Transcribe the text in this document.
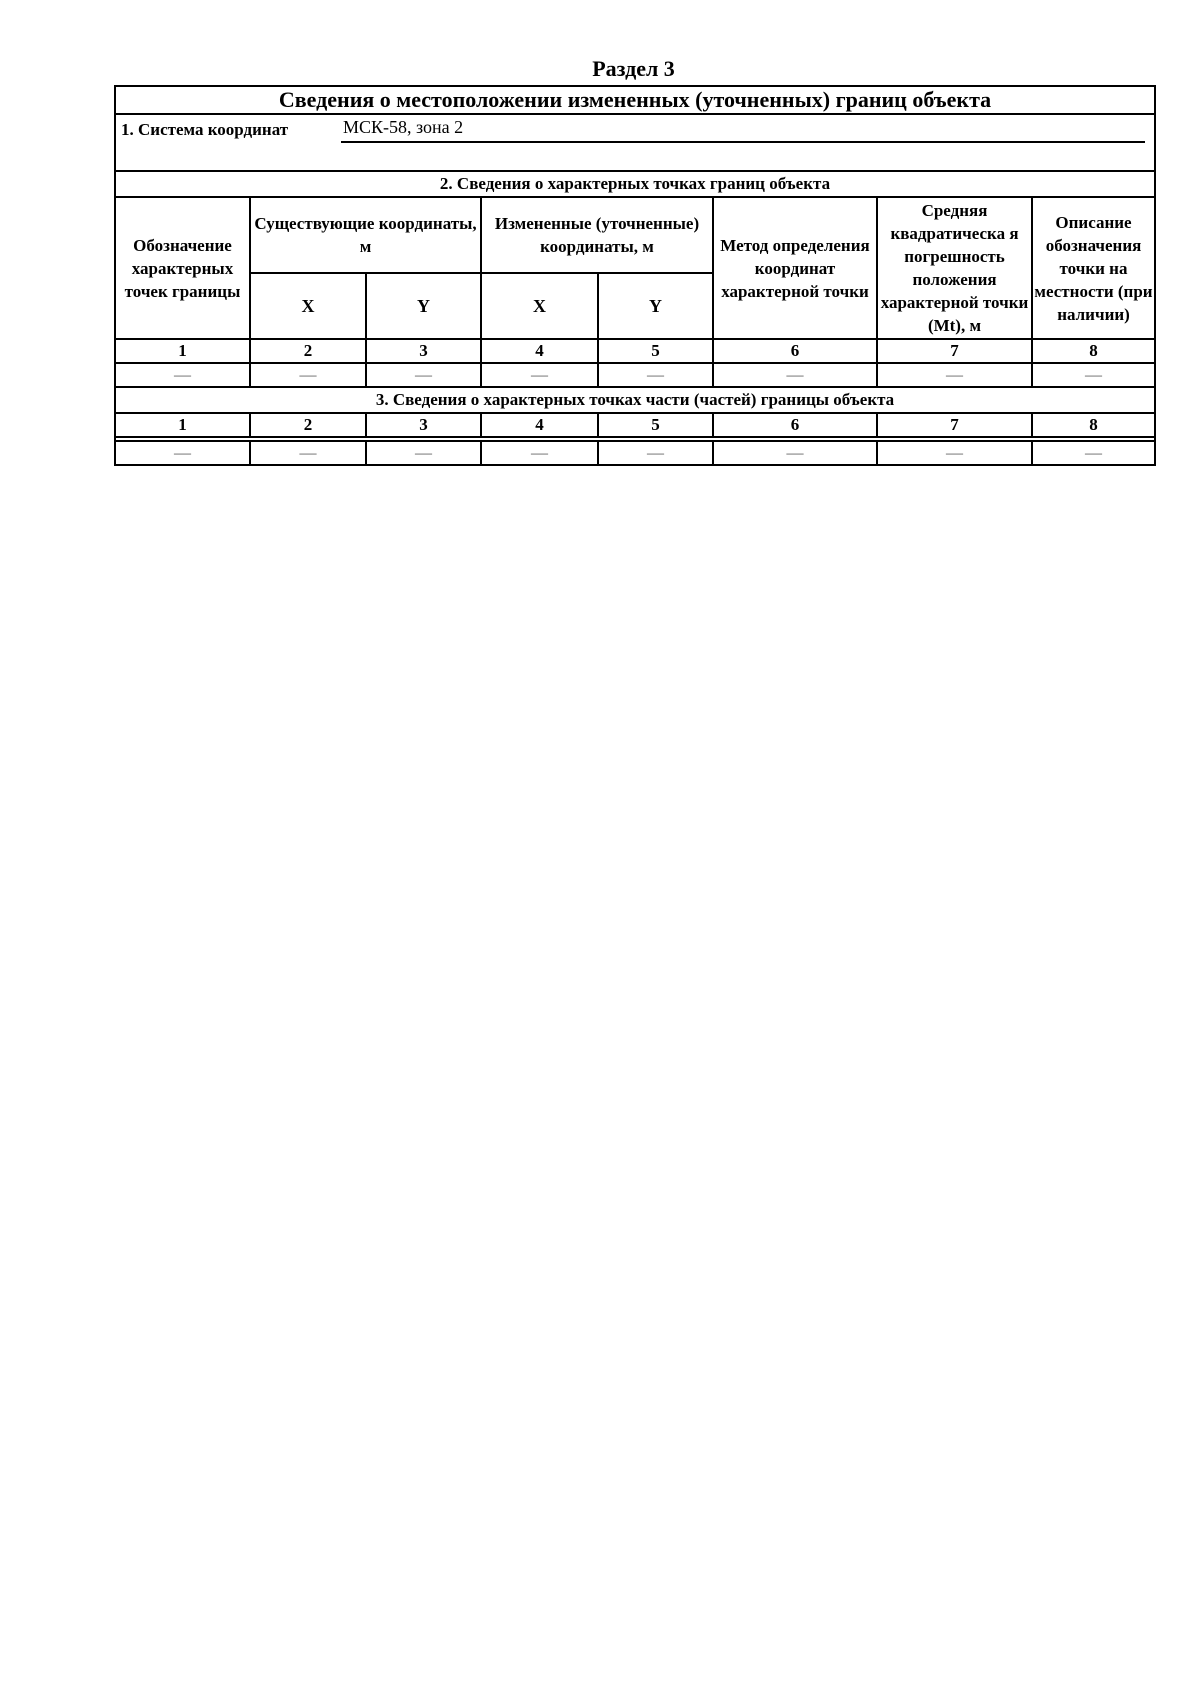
Раздел 3
Сведения о местоположении измененных (уточненных) границ объекта							

1. Система координат МСК-58, зона 2							

2. Сведения о характерных точках границ объекта							
Обозначение характерных точек границы	Существующие координаты, м		Измененные (уточненные) координаты, м		Метод определения координат характерной точки	Средняя квадратическа я погрешность положения характерной точки (Mt), м	Описание обозначения точки на местности (при наличии)
	X	Y	X	Y			
1	2	3	4	5	6	7	8
—	—	—	—	—	—	—	—
3. Сведения о характерных точках части (частей) границы объекта							
1	2	3	4	5	6	7	8

—	—	—	—	—	—	—	—
